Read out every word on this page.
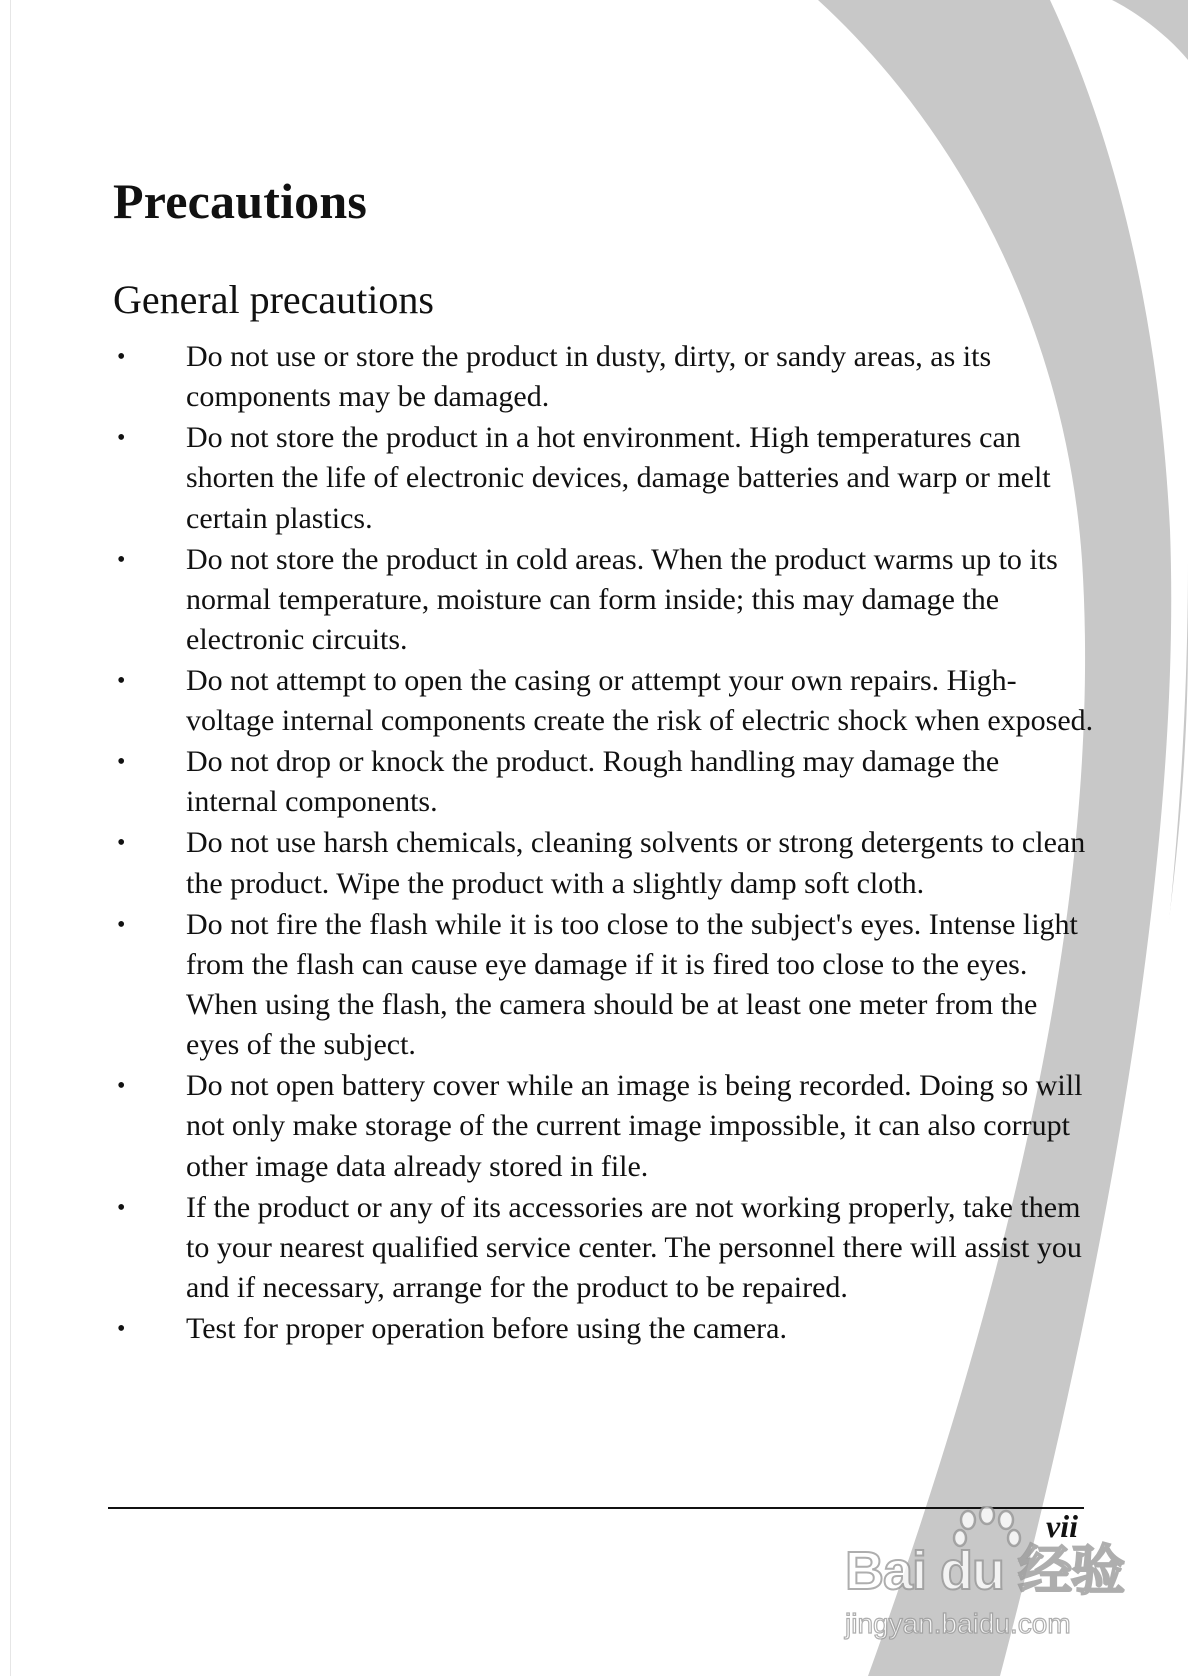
Precautions
General precautions
•	Do not use or store the product in dusty, dirty, or sandy areas, as its components may be damaged.
•	Do not store the product in a hot environment. High temperatures can shorten the life of electronic devices, damage batteries and warp or melt certain plastics.
•	Do not store the product in cold areas. When the product warms up to its normal temperature, moisture can form inside; this may damage the electronic circuits.
•	Do not attempt to open the casing or attempt your own repairs. High-voltage internal components create the risk of electric shock when exposed.
•	Do not drop or knock the product. Rough handling may damage the internal components.
•	Do not use harsh chemicals, cleaning solvents or strong detergents to clean the product. Wipe the product with a slightly damp soft cloth.
•	Do not fire the flash while it is too close to the subject's eyes. Intense light from the flash can cause eye damage if it is fired too close to the eyes. When using the flash, the camera should be at least one meter from the eyes of the subject.
•	Do not open battery cover while an image is being recorded. Doing so will not only make storage of the current image impossible, it can also corrupt other image data already stored in file.
•	If the product or any of its accessories are not working properly, take them to your nearest qualified service center. The personnel there will assist you and if necessary, arrange for the product to be repaired.
•	Test for proper operation before using the camera.
vii
Bai du 经验
jingyan.baidu.com
